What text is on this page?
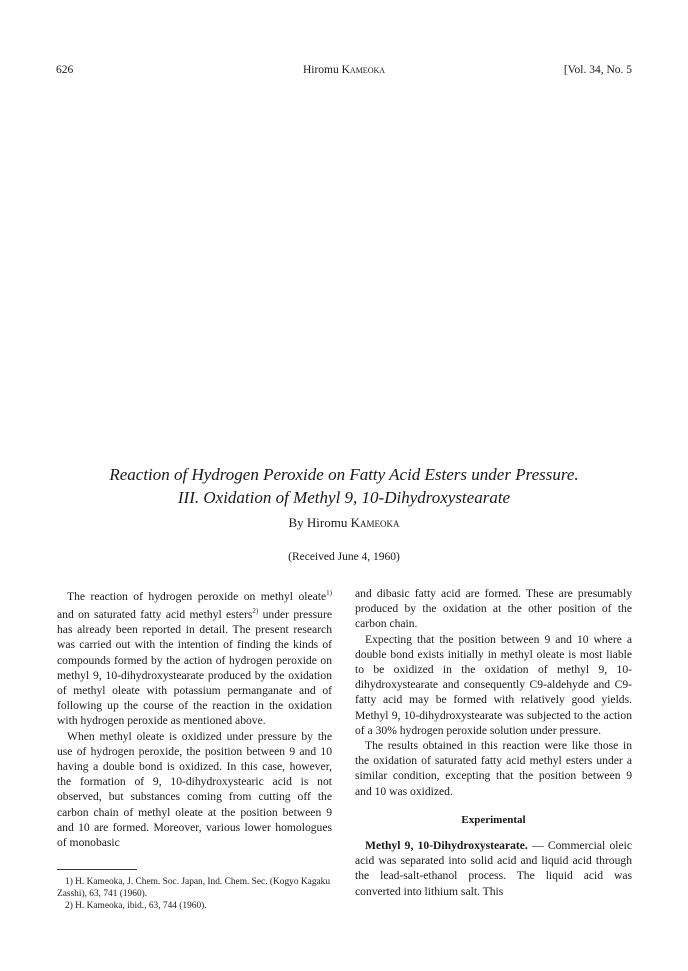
626	Hiromu Kameoka	[Vol. 34, No. 5
Reaction of Hydrogen Peroxide on Fatty Acid Esters under Pressure.
III. Oxidation of Methyl 9, 10-Dihydroxystearate
By Hiromu Kameoka
(Received June 4, 1960)

The reaction of hydrogen peroxide on methyl oleate$^{1)}$ and on saturated fatty acid methyl esters$^{2)}$ under pressure has already been reported in detail. The present research was carried out with the intention of finding the kinds of compounds formed by the action of hydrogen peroxide on methyl 9, 10-dihydroxystearate produced by the oxidation of methyl oleate with potassium permanganate and of following up the course of the reaction in the oxidation with hydrogen peroxide as mentioned above.

When methyl oleate is oxidized under pressure by the use of hydrogen peroxide, the position between 9 and 10 having a double bond is oxidized. In this case, however, the formation of 9, 10-dihydroxystearic acid is not observed, but substances coming from cutting off the carbon chain of methyl oleate at the position between 9 and 10 are formed. Moreover, various lower homologues of monobasic

and dibasic fatty acid are formed. These are presumably produced by the oxidation at the other position of the carbon chain.

Expecting that the position between 9 and 10 where a double bond exists initially in methyl oleate is most liable to be oxidized in the oxidation of methyl 9, 10-dihydroxystearate and consequently C9-aldehyde and C9-fatty acid may be formed with relatively good yields. Methyl 9, 10-dihydroxystearate was subjected to the action of a 30% hydrogen peroxide solution under pressure.

The results obtained in this reaction were like those in the oxidation of saturated fatty acid methyl esters under a similar condition, excepting that the position between 9 and 10 was oxidized.

Experimental

Methyl 9, 10-Dihydroxystearate. — Commercial oleic acid was separated into solid acid and liquid acid through the lead-salt-ethanol process. The liquid acid was converted into lithium salt. This

1) H. Kameoka, J. Chem. Soc. Japan, Ind. Chem. Sec. (Kogyo Kagaku Zasshi), 63, 741 (1960).
2) H. Kameoka, ibid., 63, 744 (1960).
